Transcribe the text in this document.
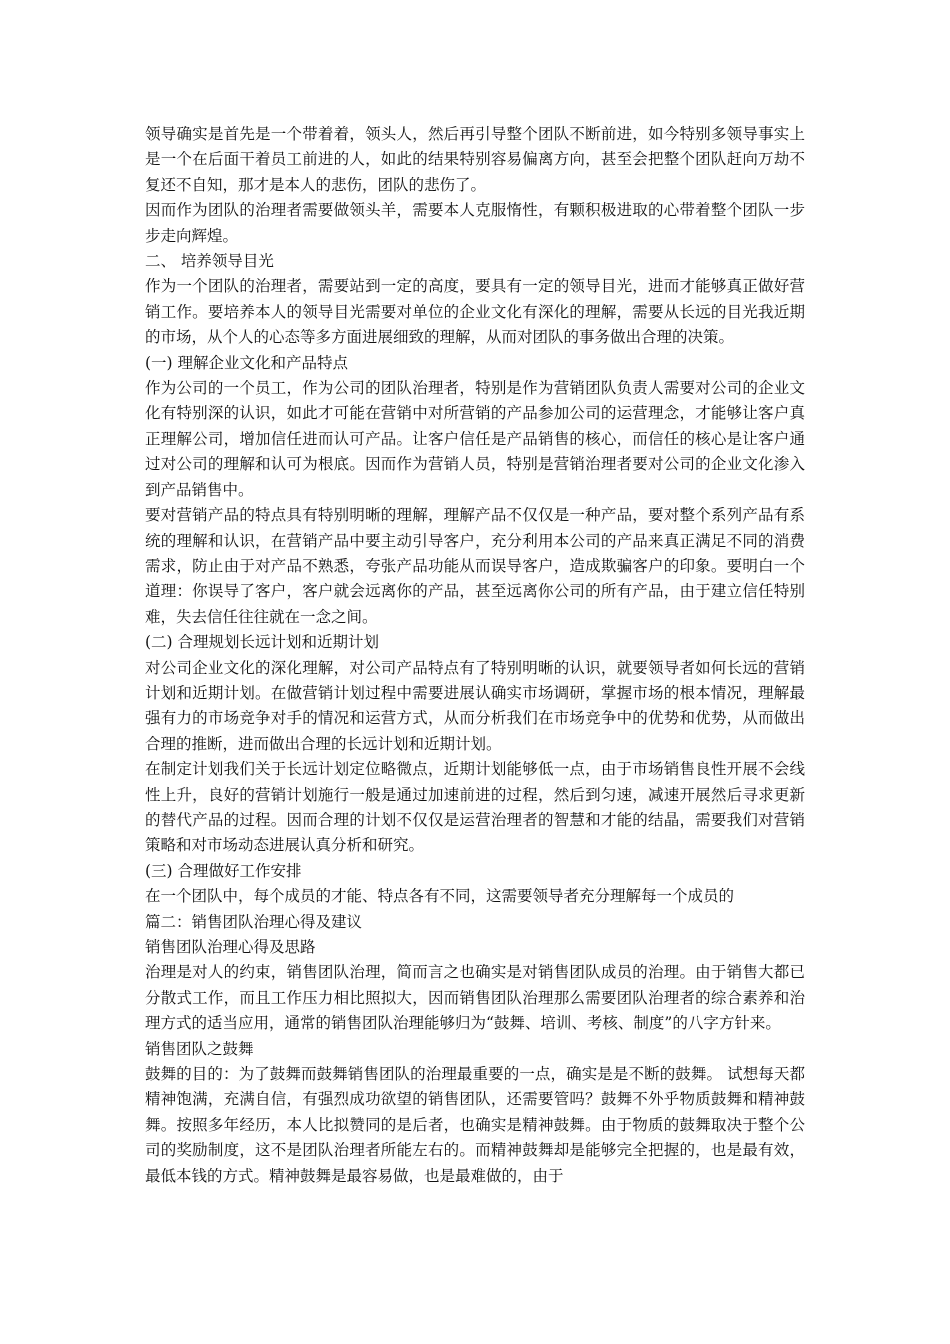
领导确实是首先是一个带着着，领头人，然后再引导整个团队不断前进，如今特别多领导事实上是一个在后面干着员工前进的人，如此的结果特别容易偏离方向，甚至会把整个团队赶向万劫不复还不自知，那才是本人的悲伤，团队的悲伤了。

因而作为团队的治理者需要做领头羊，需要本人克服惰性，有颗积极进取的心带着整个团队一步步走向辉煌。

二、 培养领导目光

作为一个团队的治理者，需要站到一定的高度，要具有一定的领导目光，进而才能够真正做好营销工作。要培养本人的领导目光需要对单位的企业文化有深化的理解，需要从长远的目光我近期的市场，从个人的心态等多方面进展细致的理解，从而对团队的事务做出合理的决策。

(一) 理解企业文化和产品特点

作为公司的一个员工，作为公司的团队治理者，特别是作为营销团队负责人需要对公司的企业文化有特别深的认识，如此才可能在营销中对所营销的产品参加公司的运营理念，才能够让客户真正理解公司，增加信任进而认可产品。让客户信任是产品销售的核心，而信任的核心是让客户通过对公司的理解和认可为根底。因而作为营销人员，特别是营销治理者要对公司的企业文化渗入到产品销售中。

要对营销产品的特点具有特别明晰的理解，理解产品不仅仅是一种产品，要对整个系列产品有系统的理解和认识，在营销产品中要主动引导客户，充分利用本公司的产品来真正满足不同的消费需求，防止由于对产品不熟悉，夸张产品功能从而误导客户，造成欺骗客户的印象。要明白一个道理：你误导了客户，客户就会远离你的产品，甚至远离你公司的所有产品，由于建立信任特别难，失去信任往往就在一念之间。

(二) 合理规划长远计划和近期计划

对公司企业文化的深化理解，对公司产品特点有了特别明晰的认识，就要领导者如何长远的营销计划和近期计划。在做营销计划过程中需要进展认确实市场调研，掌握市场的根本情况，理解最强有力的市场竞争对手的情况和运营方式，从而分析我们在市场竞争中的优势和优势，从而做出合理的推断，进而做出合理的长远计划和近期计划。

在制定计划我们关于长远计划定位略微点，近期计划能够低一点，由于市场销售良性开展不会线性上升，良好的营销计划施行一般是通过加速前进的过程，然后到匀速，减速开展然后寻求更新的替代产品的过程。因而合理的计划不仅仅是运营治理者的智慧和才能的结晶，需要我们对营销策略和对市场动态进展认真分析和研究。

(三) 合理做好工作安排

在一个团队中，每个成员的才能、特点各有不同，这需要领导者充分理解每一个成员的

篇二：销售团队治理心得及建议

销售团队治理心得及思路

治理是对人的约束，销售团队治理，简而言之也确实是对销售团队成员的治理。由于销售大都已分散式工作，而且工作压力相比照拟大，因而销售团队治理那么需要团队治理者的综合素养和治理方式的适当应用，通常的销售团队治理能够归为“鼓舞、培训、考核、制度”的八字方针来。

销售团队之鼓舞

鼓舞的目的：为了鼓舞而鼓舞销售团队的治理最重要的一点，确实是是不断的鼓舞。 试想每天都精神饱满，充满自信，有强烈成功欲望的销售团队，还需要管吗？鼓舞不外乎物质鼓舞和精神鼓舞。按照多年经历，本人比拟赞同的是后者，也确实是精神鼓舞。由于物质的鼓舞取决于整个公司的奖励制度，这不是团队治理者所能左右的。而精神鼓舞却是能够完全把握的，也是最有效，最低本钱的方式。精神鼓舞是最容易做，也是最难做的，由于
